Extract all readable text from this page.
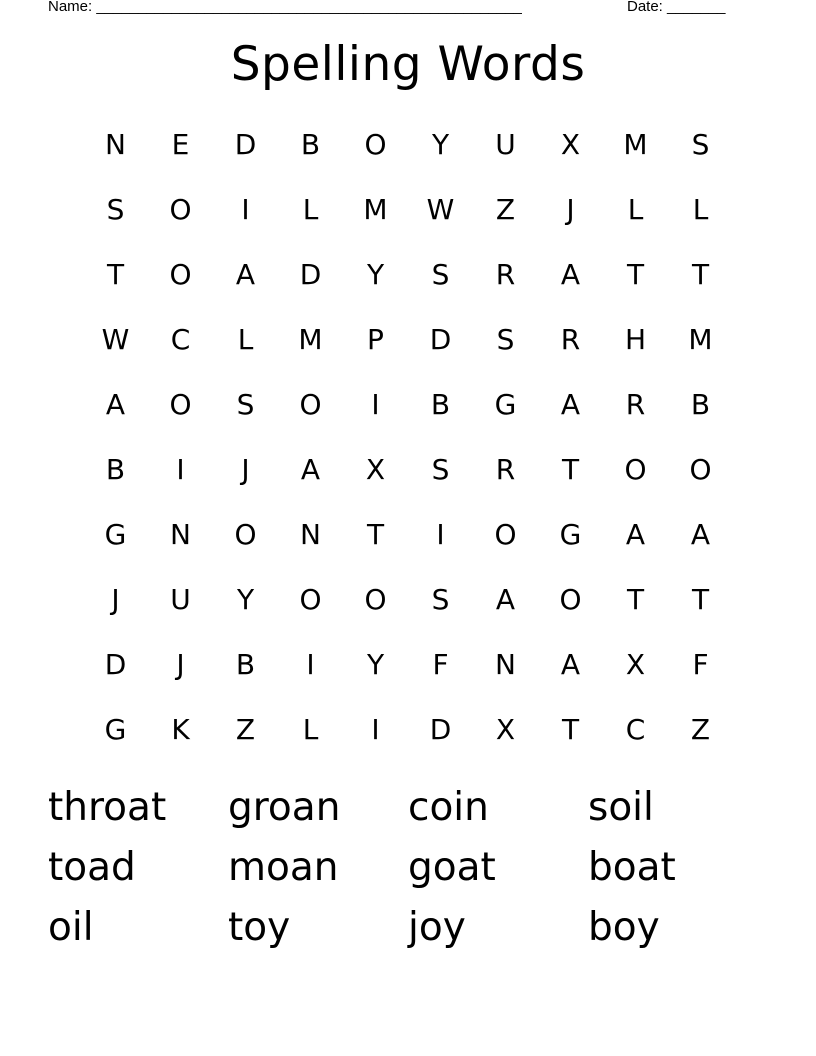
Name: ___________________________________________________	Date: _______
Spelling Words
N	E	D	B	O	Y	U	X	M	S
S	O	I	L	M	W	Z	J	L	L
T	O	A	D	Y	S	R	A	T	T
W	C	L	M	P	D	S	R	H	M
A	O	S	O	I	B	G	A	R	B
B	I	J	A	X	S	R	T	O	O
G	N	O	N	T	I	O	G	A	A
J	U	Y	O	O	S	A	O	T	T
D	J	B	I	Y	F	N	A	X	F
G	K	Z	L	I	D	X	T	C	Z
throat	groan	coin	soil
toad	moan	goat	boat
oil	toy	joy	boy
